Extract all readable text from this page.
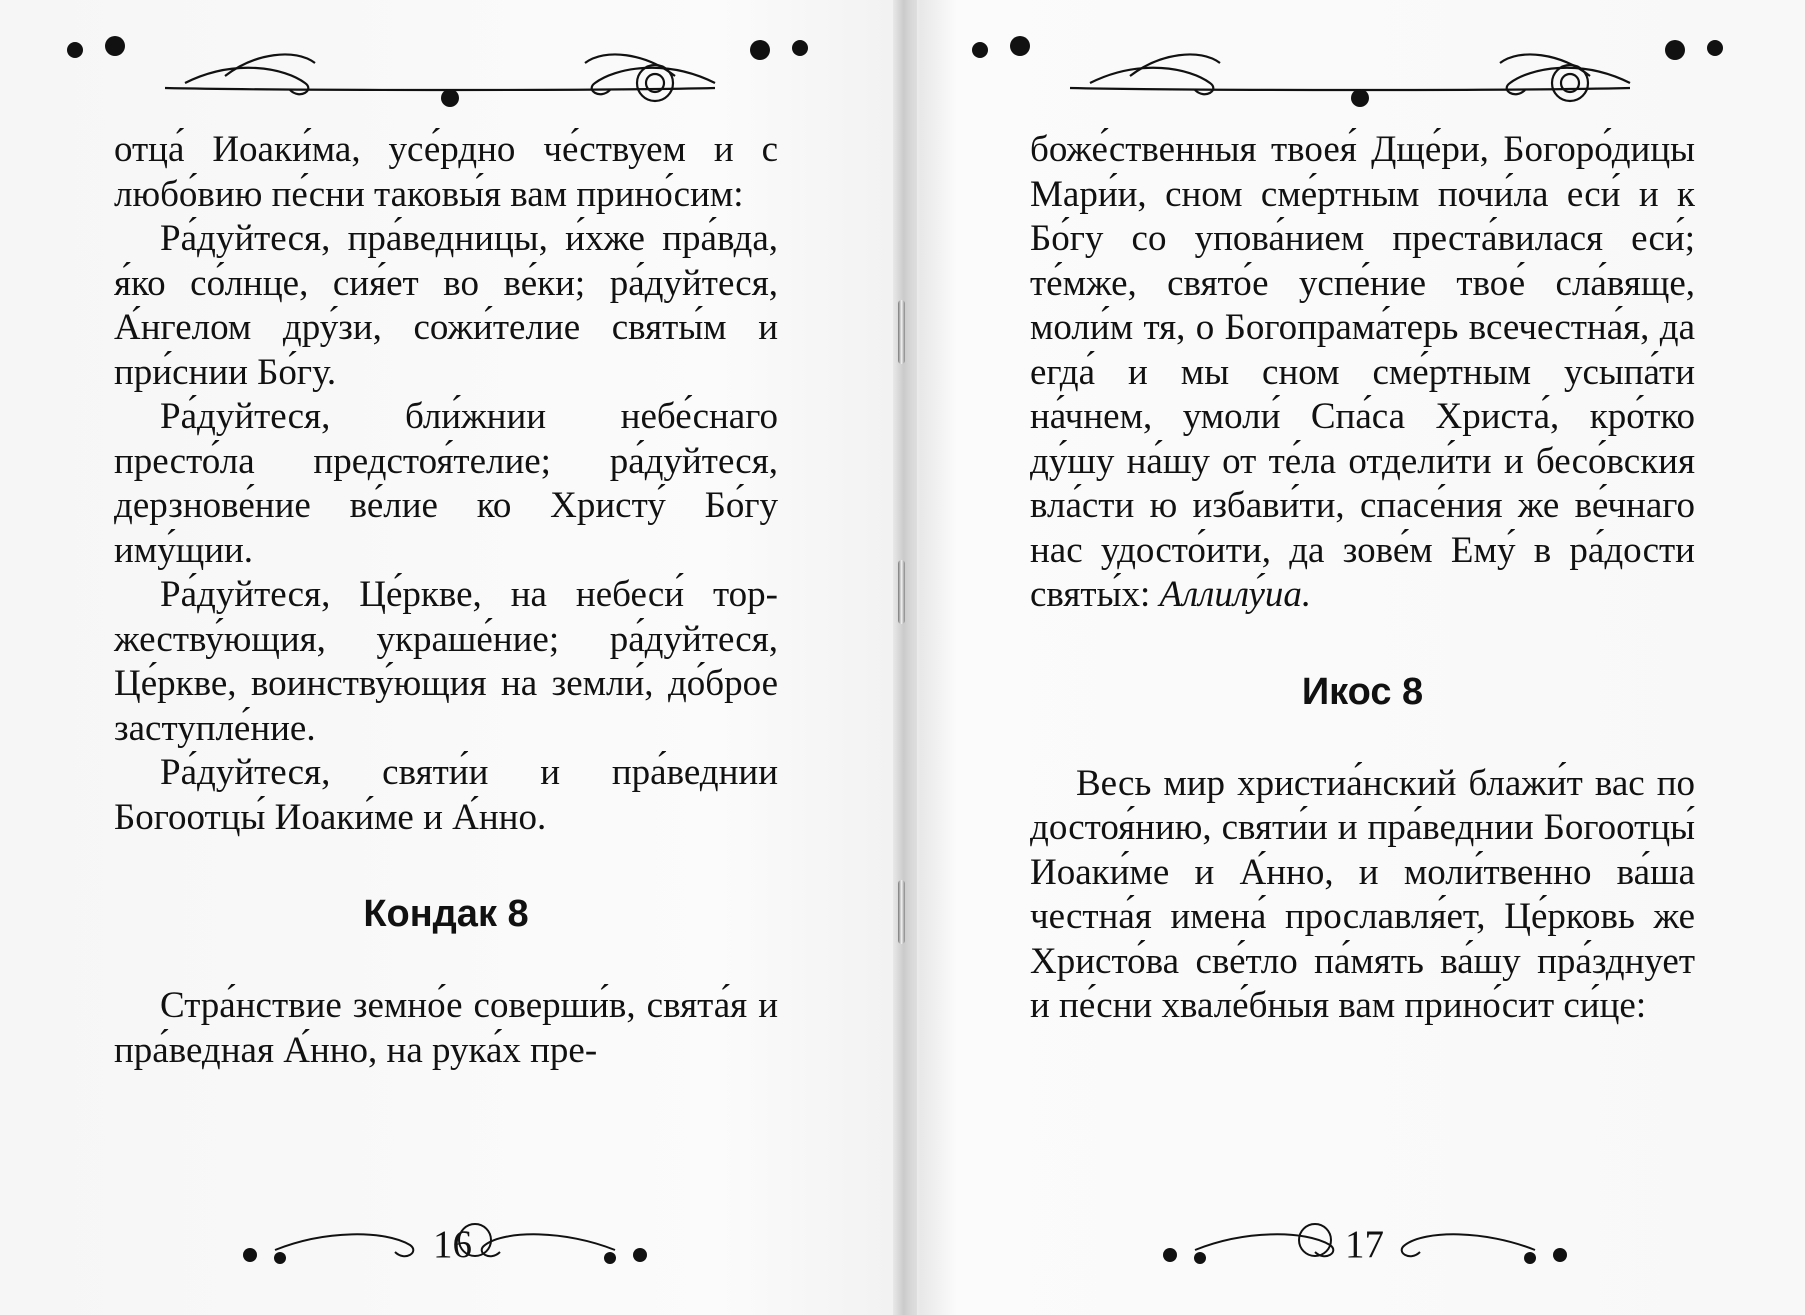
отца́ Иоаки́ма, усе́рдно че́ствуем и с любо́вию пе́сни таковы́я вам прино́сим:

Ра́дуйтеся, пра́ведницы, и́хже пра́вда, я́ко со́лнце, сия́ет во ве́ки; ра́дуйтеся, А́нгелом дру́зи, сожи́телие святы́м и при́снии Бо́гу.

Ра́дуйтеся, бли́жнии небе́снаго престо́ла предстоя́телие; ра́дуйтеся, дерзнове́ние ве́лие ко Христу́ Бо́гу иму́щии.

Ра́дуйтеся, Це́ркве, на небеси́ торжеству́ющия, украше́ние; ра́дуйтеся, Це́ркве, воинству́ющия на земли́, до́брое заступле́ние.

Ра́дуйтеся, святи́и и пра́веднии Богоотцы́ Иоаки́ме и А́нно.

Кондак 8

Стра́нствие земно́е соверши́в, свята́я и пра́ведная А́нно, на рука́х пре-

16

боже́ственныя твоея́ Дще́ри, Богоро́дицы Мари́и, сном сме́ртным почи́ла еси́ и к Бо́гу со упова́нием преста́вилася еси́; те́мже, свято́е успе́ние твое́ сла́вяще, моли́м тя, о Богопрама́терь всечестна́я, да егда́ и мы сном сме́ртным усыпа́ти на́чнем, умоли́ Спа́са Христа́, кро́тко ду́шу на́шу от те́ла отдели́ти и бесо́вския вла́сти ю избави́ти, спасе́ния же ве́чнаго нас удосто́ити, да зове́м Ему́ в ра́дости святы́х: Аллилу́иа.

Икос 8

Весь мир христиа́нский блажи́т вас по достоя́нию, святи́и и пра́веднии Богоотцы́ Иоаки́ме и А́нно, и моли́твенно ва́ша честна́я имена́ прославля́ет, Це́рковь же Христо́ва све́тло па́мять ва́шу пра́зднует и пе́сни хвале́бныя вам прино́сит си́це:

17
